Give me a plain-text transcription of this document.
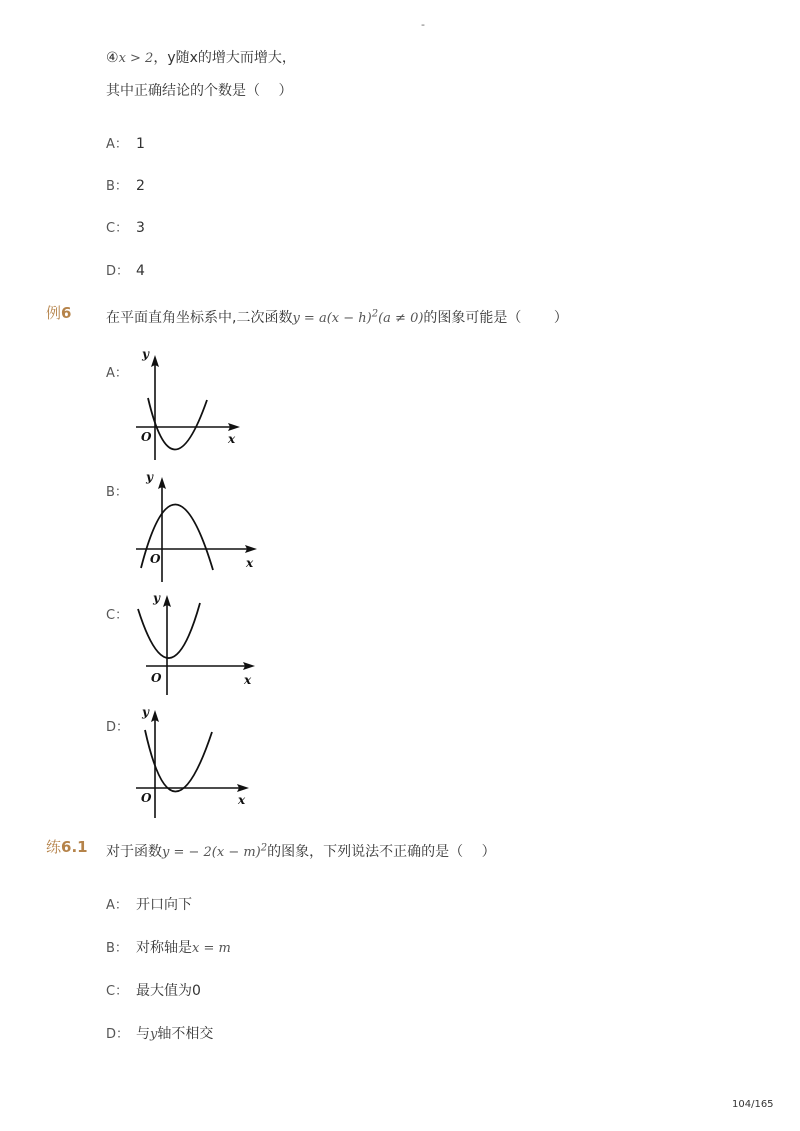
-
④x > 2，y随x的增大而增大，
其中正确结论的个数是（　 ）
A： 1
B： 2
C： 3
D： 4
例6 在平面直角坐标系中,二次函数$y = a(x - h)^2(a \ne 0)$的图象可能是（　　 ）
A：
y
x
O
B：
y
x
O
C：
y
x
O
D：
y
x
O
练6.1 对于函数y = − $2(x - m)^2$的图象，下列说法不正确的是（　 ）
A： 开口向下
B： 对称轴是x = m
C： 最大值为0
D： 与y轴不相交
104/165
